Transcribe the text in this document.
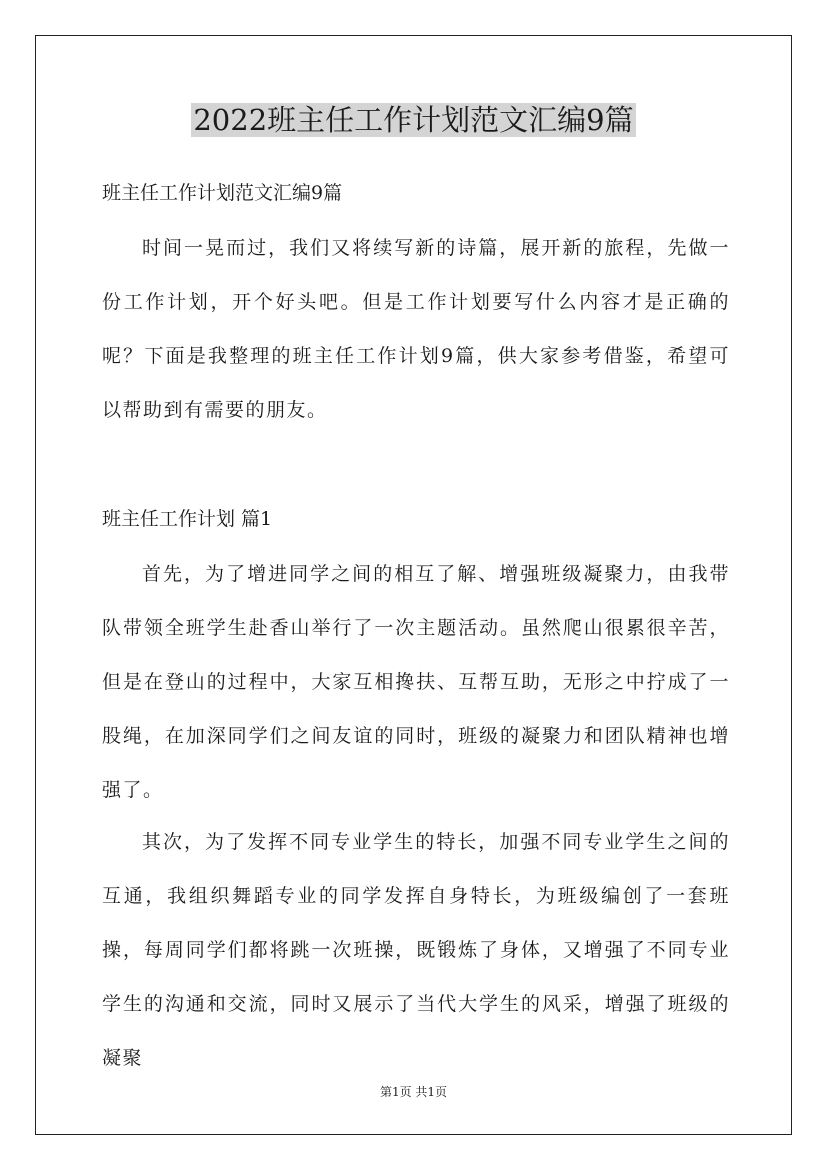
2022班主任工作计划范文汇编9篇
班主任工作计划范文汇编9篇
时间一晃而过，我们又将续写新的诗篇，展开新的旅程，先做一份工作计划，开个好头吧。但是工作计划要写什么内容才是正确的呢？下面是我整理的班主任工作计划9篇，供大家参考借鉴，希望可以帮助到有需要的朋友。
班主任工作计划 篇1
首先，为了增进同学之间的相互了解、增强班级凝聚力，由我带队带领全班学生赴香山举行了一次主题活动。虽然爬山很累很辛苦，但是在登山的过程中，大家互相搀扶、互帮互助，无形之中拧成了一股绳，在加深同学们之间友谊的同时，班级的凝聚力和团队精神也增强了。
其次，为了发挥不同专业学生的特长，加强不同专业学生之间的互通，我组织舞蹈专业的同学发挥自身特长，为班级编创了一套班操，每周同学们都将跳一次班操，既锻炼了身体，又增强了不同专业学生的沟通和交流，同时又展示了当代大学生的风采，增强了班级的凝聚
第1页 共1页
